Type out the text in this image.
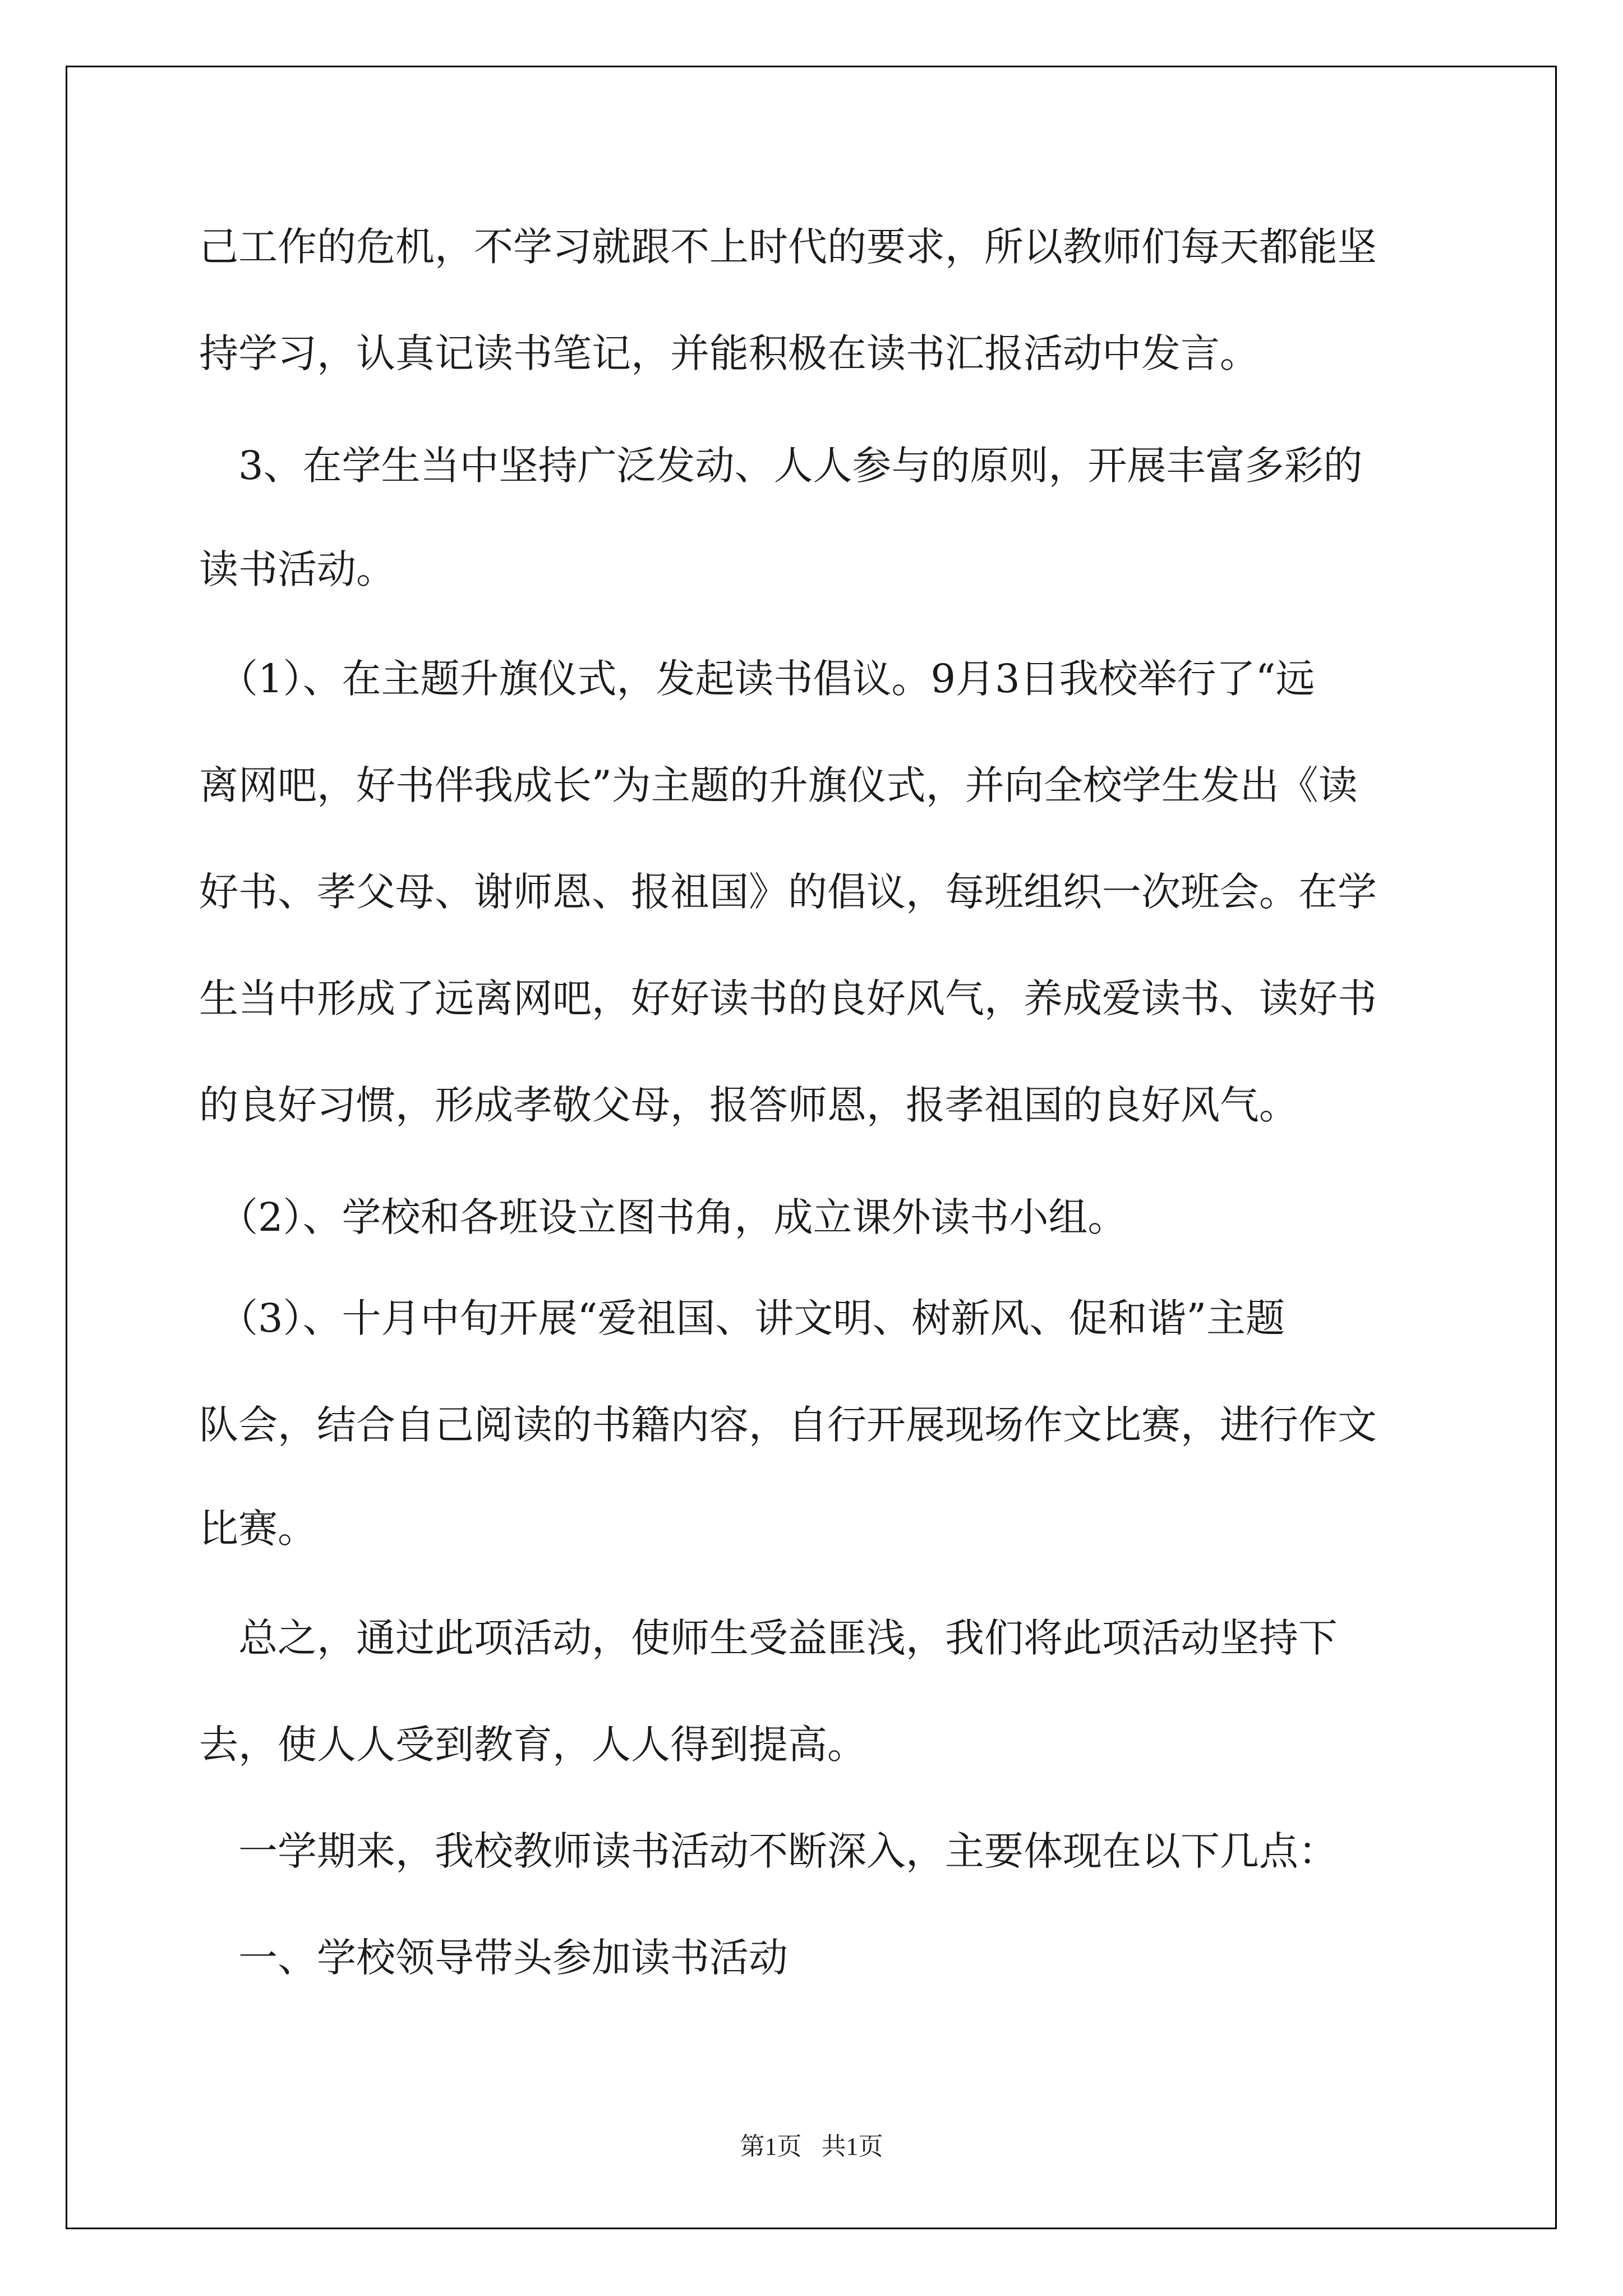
己工作的危机，不学习就跟不上时代的要求，所以教师们每天都能坚
持学习，认真记读书笔记，并能积极在读书汇报活动中发言。
　3、在学生当中坚持广泛发动、人人参与的原则，开展丰富多彩的
读书活动。
　（1）、在主题升旗仪式，发起读书倡议。9月3日我校举行了“远
离网吧，好书伴我成长”为主题的升旗仪式，并向全校学生发出《读
好书、孝父母、谢师恩、报祖国》的倡议，每班组织一次班会。在学
生当中形成了远离网吧，好好读书的良好风气，养成爱读书、读好书
的良好习惯，形成孝敬父母，报答师恩，报孝祖国的良好风气。
　（2）、学校和各班设立图书角，成立课外读书小组。
　（3）、十月中旬开展“爱祖国、讲文明、树新风、促和谐”主题
队会，结合自己阅读的书籍内容，自行开展现场作文比赛，进行作文
比赛。
　总之，通过此项活动，使师生受益匪浅，我们将此项活动坚持下
去，使人人受到教育，人人得到提高。
　一学期来，我校教师读书活动不断深入，主要体现在以下几点：
　一、学校领导带头参加读书活动
第1页 共1页
